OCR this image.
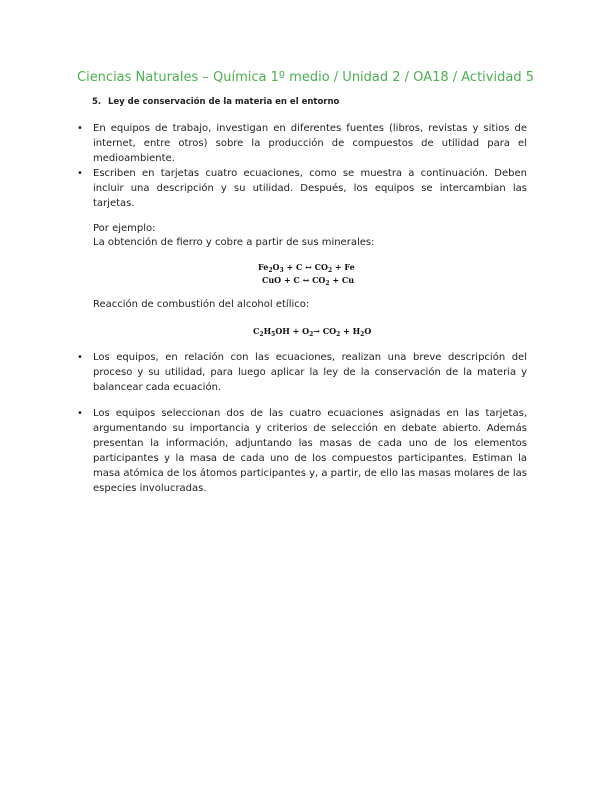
Ciencias Naturales – Química 1º medio / Unidad 2 / OA18 / Actividad 5
5. Ley de conservación de la materia en el entorno
•	En equipos de trabajo, investigan en diferentes fuentes (libros, revistas y sitios de internet, entre otros) sobre la producción de compuestos de utilidad para el medioambiente.
•	Escriben en tarjetas cuatro ecuaciones, como se muestra a continuación. Deben incluir una descripción y su utilidad. Después, los equipos se intercambian las tarjetas.
Por ejemplo:
La obtención de fierro y cobre a partir de sus minerales:
$Fe_2O_3 + C$ ↔ $CO_2 + Fe$
CuO + C ↔ $CO_2 + Cu$
Reacción de combustión del alcohol etílico:
$C_2H_5OH + O_2\to CO_2 + H_2O$
•	Los equipos, en relación con las ecuaciones, realizan una breve descripción del proceso y su utilidad, para luego aplicar la ley de la conservación de la materia y balancear cada ecuación.
•	Los equipos seleccionan dos de las cuatro ecuaciones asignadas en las tarjetas, argumentando su importancia y criterios de selección en debate abierto. Además presentan la información, adjuntando las masas de cada uno de los elementos participantes y la masa de cada uno de los compuestos participantes. Estiman la masa atómica de los átomos participantes y, a partir, de ello las masas molares de las especies involucradas.
